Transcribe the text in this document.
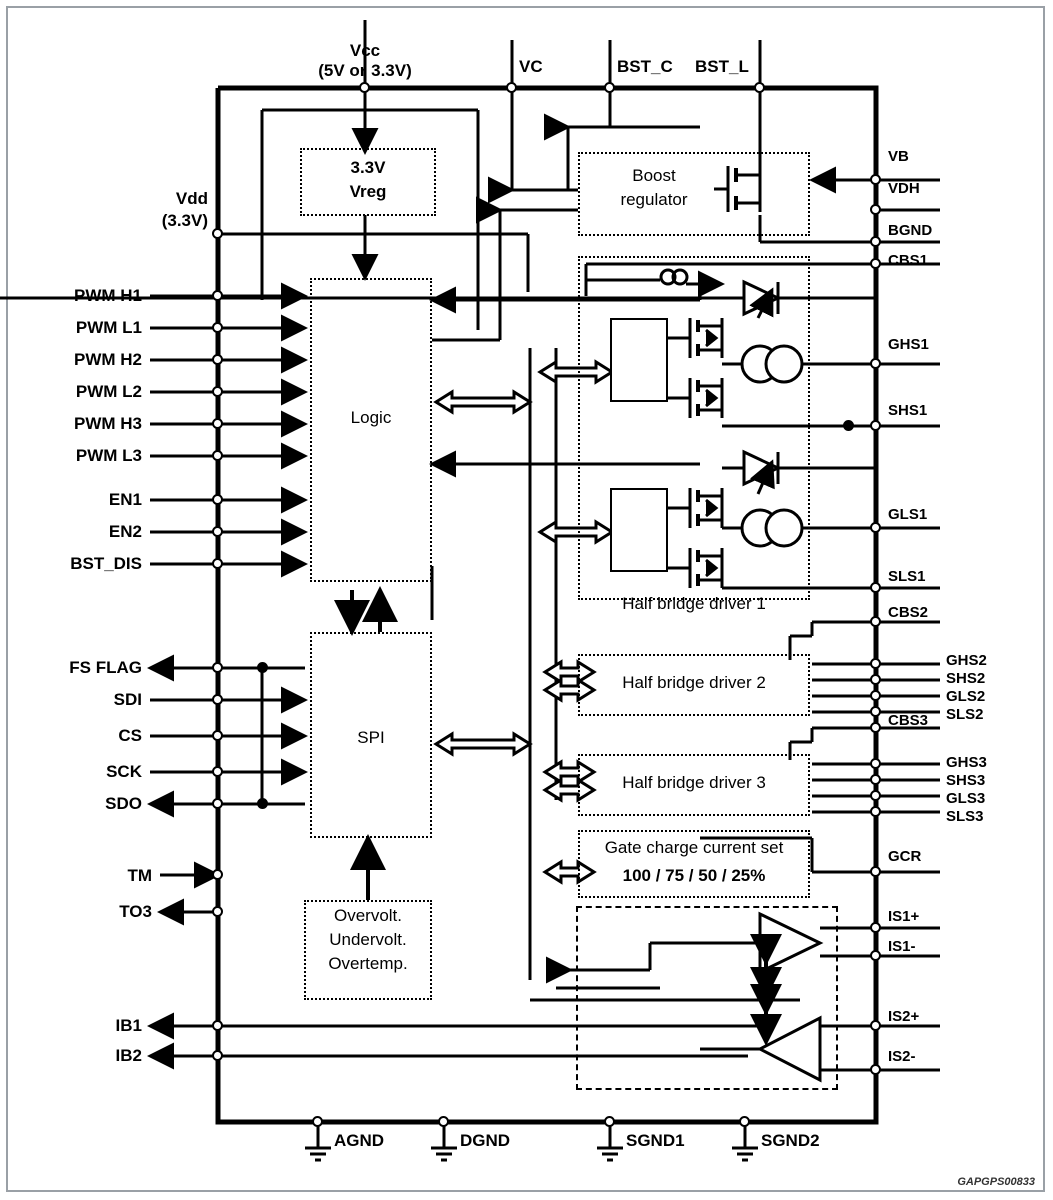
3.3V
Vreg
Boost
regulator
Logic
SPI
Overvolt.
Undervolt.
Overtemp.
Half bridge driver 1
Half bridge driver 2
Half bridge driver 3
Gate charge current set
100 / 75 / 50 / 25%
Vcc
(5V or 3.3V)	VC	BST_C BST_L
Vdd
(3.3V)
PWM H1
PWM L1
PWM H2
PWM L2
PWM H3
PWM L3
EN1
EN2
BST_DIS
FS FLAG
SDI
CS
SCK
SDO
TM
TO3
IB1
IB2
VB
VDH
BGND
CBS1
GHS1
SHS1
GLS1
SLS1
CBS2
CBS3
GCR
IS1+
IS1-
IS2+
IS2-
GHS2
SHS2
GLS2
SLS2
GHS3
SHS3
GLS3
SLS3
AGND	DGND	SGND1	SGND2
GAPGPS00833
